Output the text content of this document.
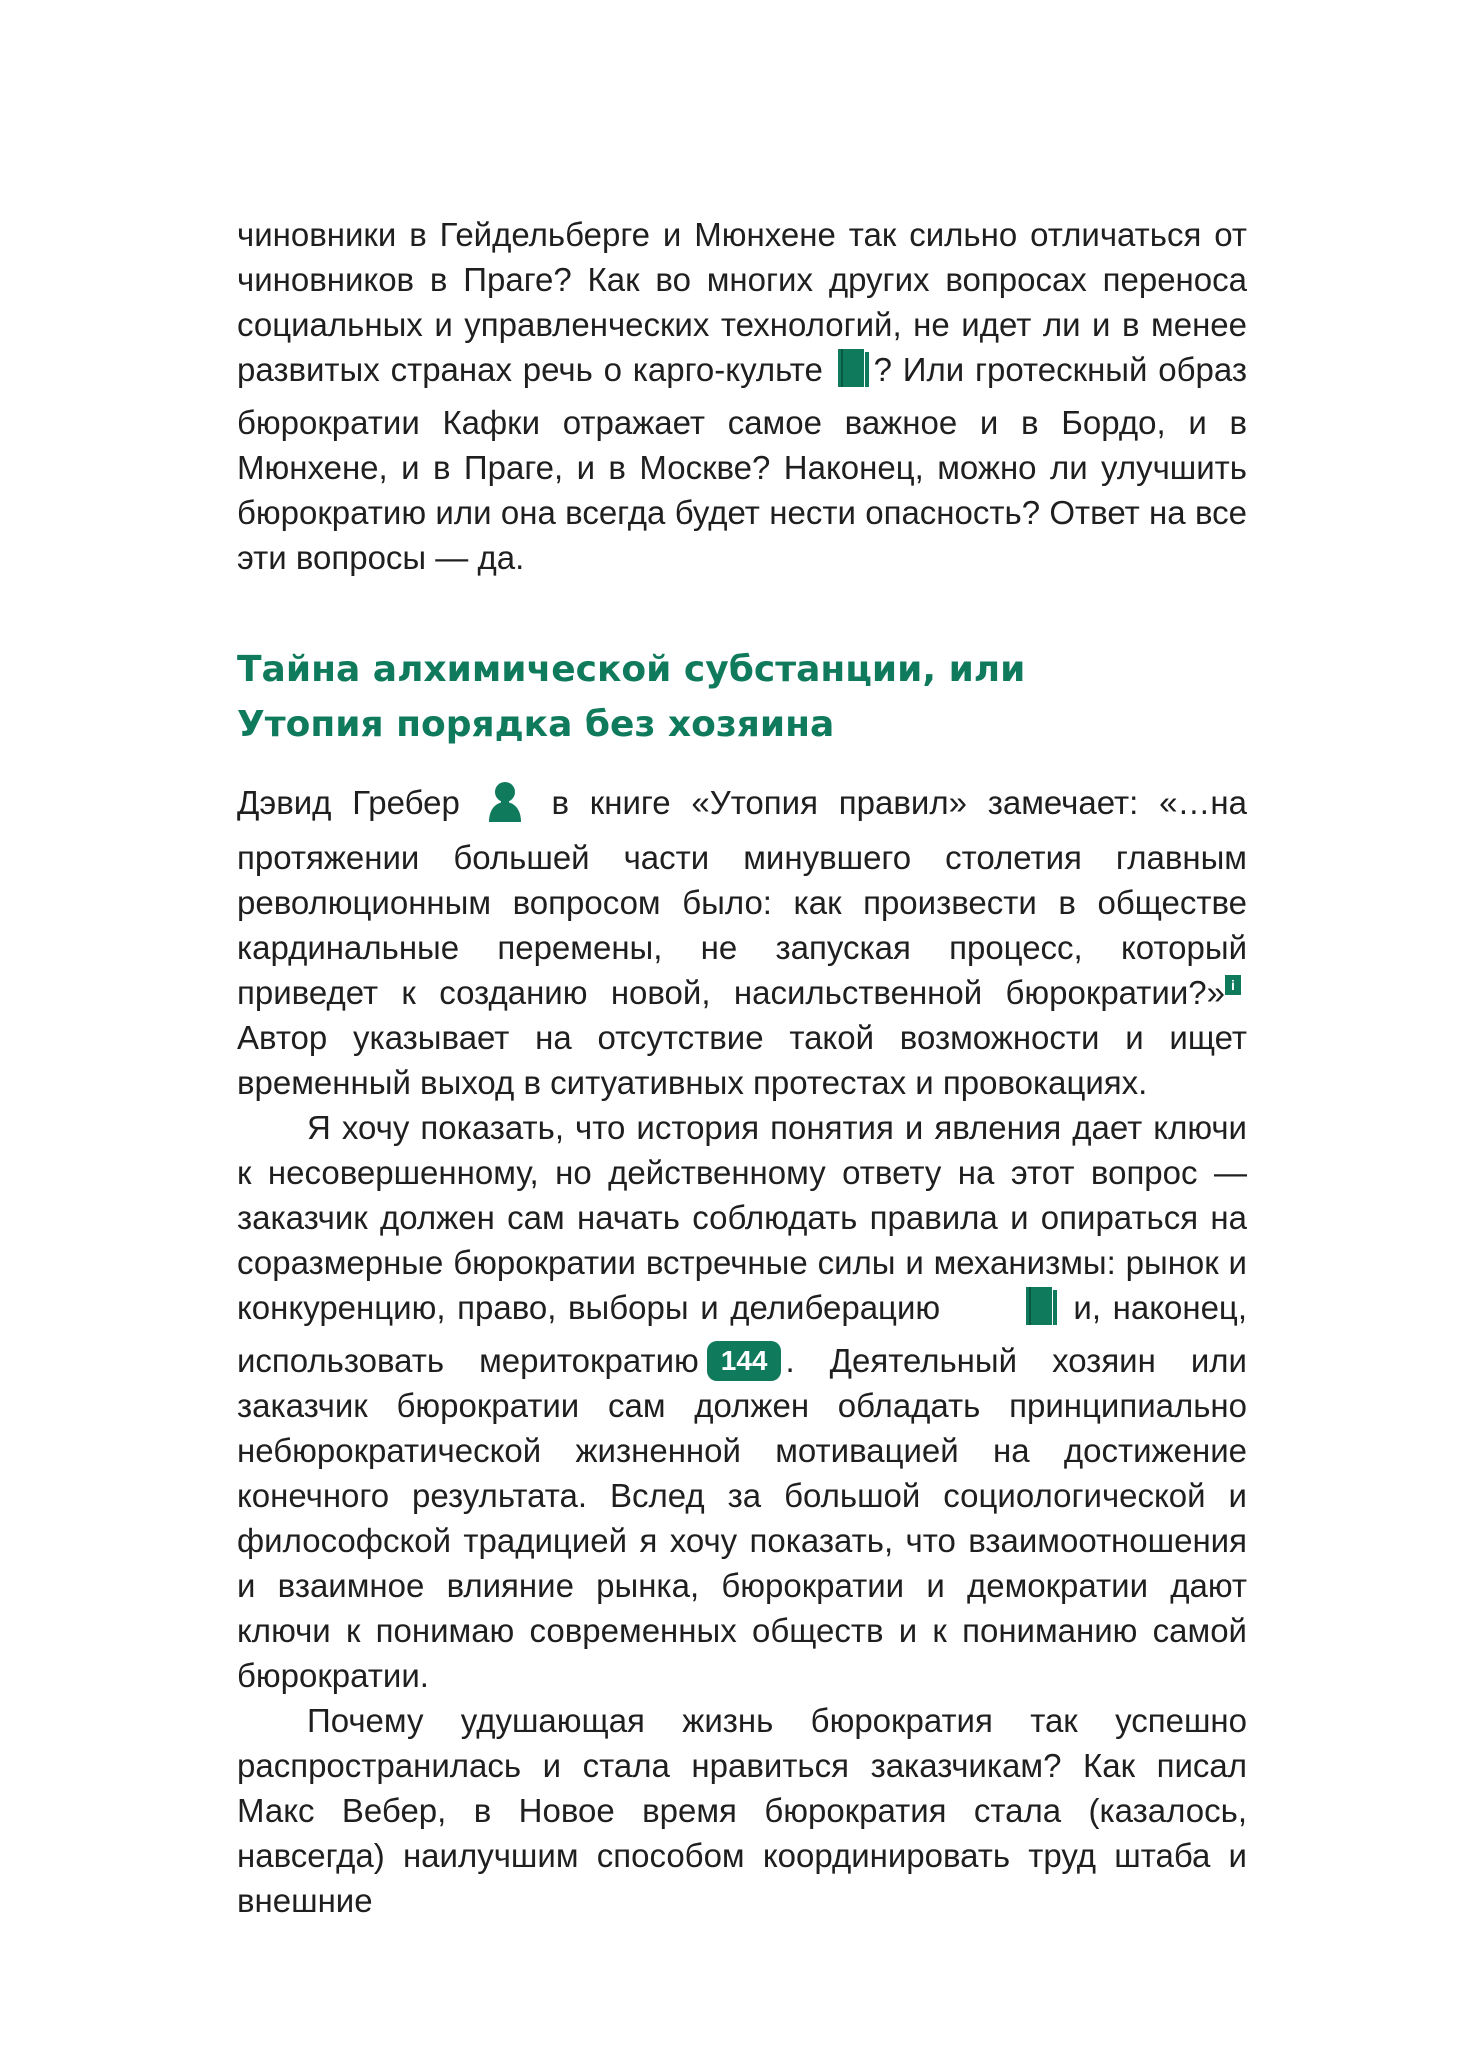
чиновники в Гейдельберге и Мюнхене так сильно отличаться от чиновников в Праге? Как во многих других вопросах переноса социальных и управленческих технологий, не идет ли и в менее развитых странах речь о карго-культе ? Или гротескный образ бюрократии Кафки отражает самое важное и в Бордо, и в Мюнхене, и в Праге, и в Москве? Наконец, можно ли улучшить бюрократию или она всегда будет нести опасность? Ответ на все эти вопросы — да.

Тайна алхимической субстанции, или

Утопия порядка без хозяина

Дэвид Гребер  в книге «Утопия правил» замечает: «…на протяжении большей части минувшего столетия главным революционным вопросом было: как произвести в обществе кардинальные перемены, не запуская процесс, который приведет к созданию новой, насильственной бюрократии?» iАвтор указывает на отсутствие такой возможности и ищет временный выход в ситуативных протестах и провокациях.

Я хочу показать, что история понятия и явления дает ключи к несовершенному, но действенному ответу на этот вопрос — заказчик должен сам начать соблюдать правила и опираться на соразмерные бюрократии встречные силы и механизмы: рынок и конкуренцию, право, выборы и делиберацию	и, наконец, использовать меритократию 144 . Деятельный хозяин или заказчик бюрократии сам должен обладать принципиально небюрократической жизненной мотивацией на достижение конечного результата. Вслед за большой социологической и философской традицией я хочу показать, что взаимоотношения и взаимное влияние рынка, бюрократии и демократии дают ключи к понимаю современных обществ и к пониманию самой бюрократии.

Почему удушающая жизнь бюрократия так успешно распространилась и стала нравиться заказчикам? Как писал Макс Вебер, в Новое время бюрократия стала (казалось, навсегда) наилучшим способом координировать труд штаба и внешние
